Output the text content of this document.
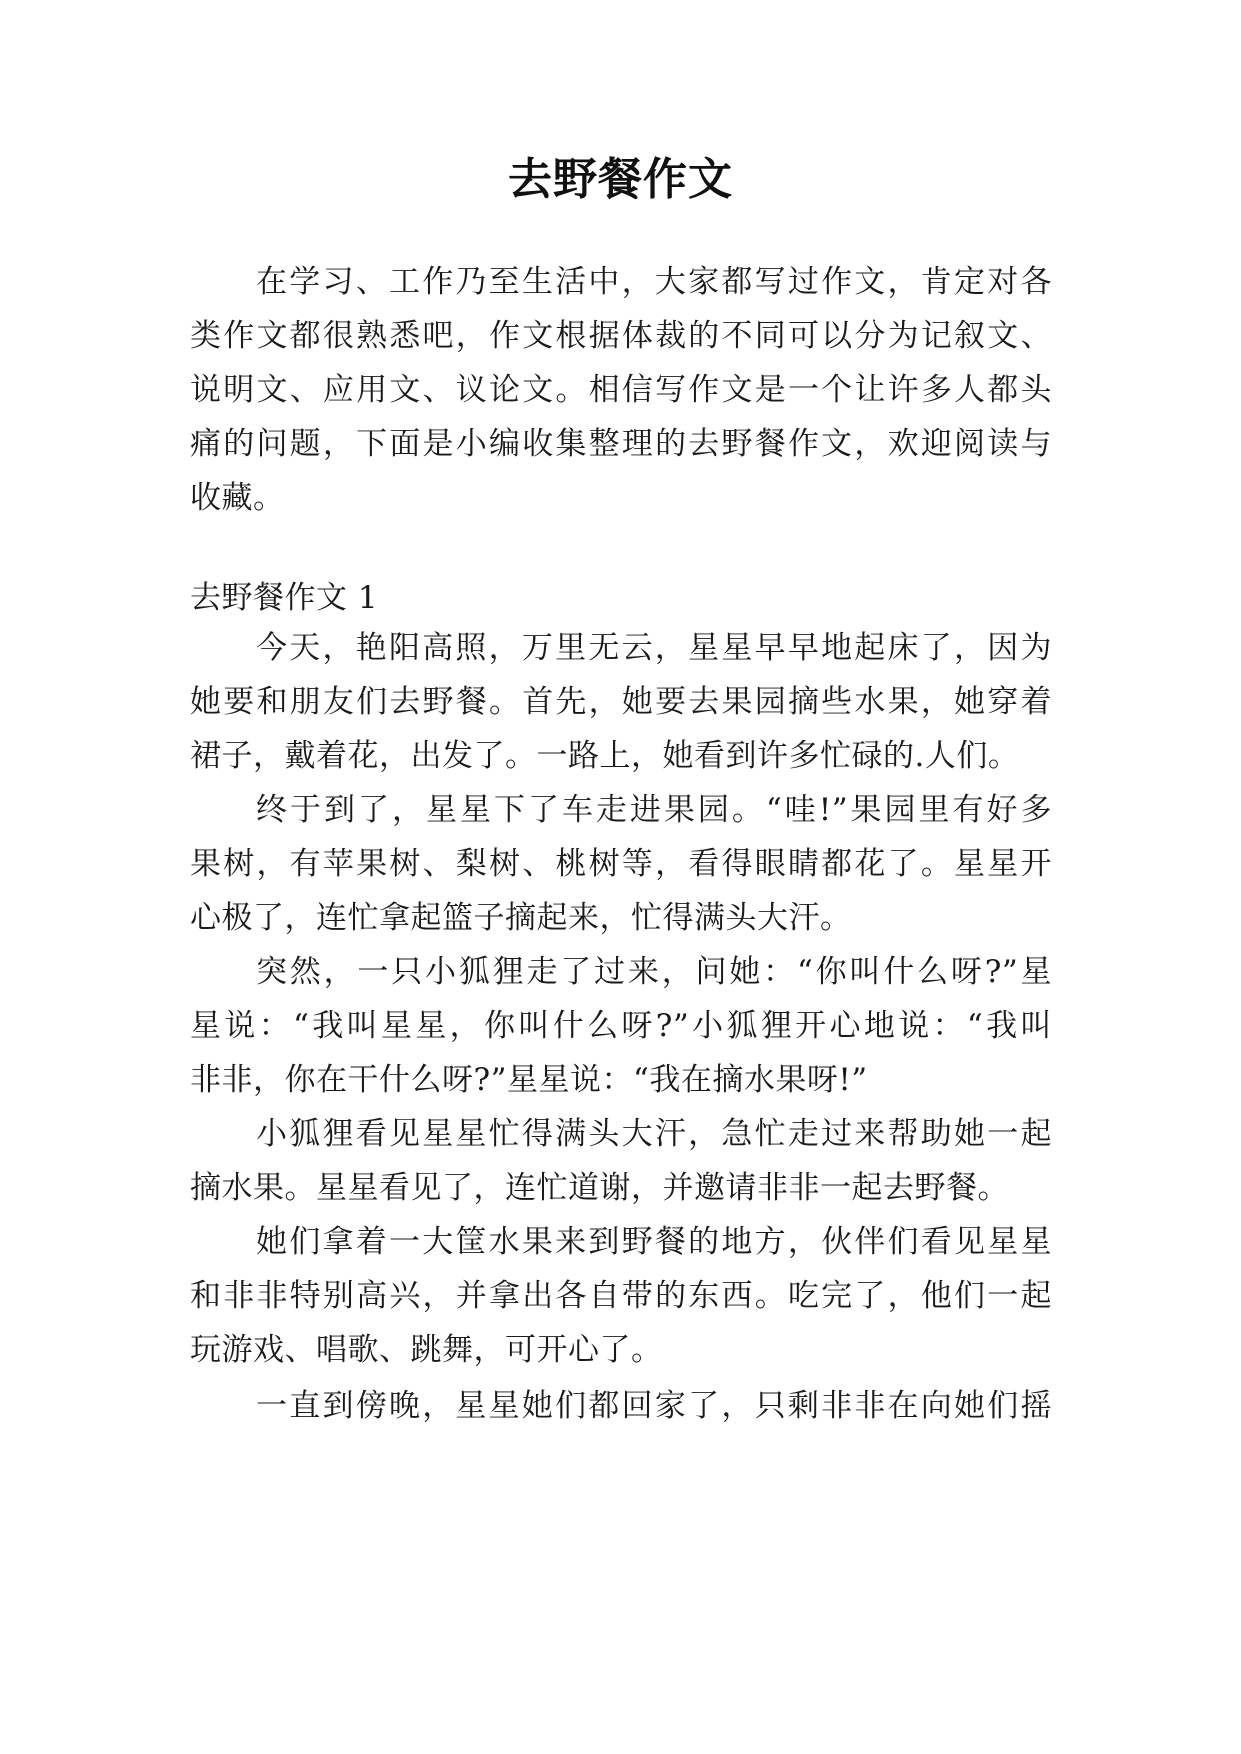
去野餐作文
在学习、工作乃至生活中，大家都写过作文，肯定对各
类作文都很熟悉吧，作文根据体裁的不同可以分为记叙文、
说明文、应用文、议论文。相信写作文是一个让许多人都头
痛的问题，下面是小编收集整理的去野餐作文，欢迎阅读与
收藏。
去野餐作文 1
今天，艳阳高照，万里无云，星星早早地起床了，因为
她要和朋友们去野餐。首先，她要去果园摘些水果，她穿着
裙子，戴着花，出发了。一路上，她看到许多忙碌的.人们。
终于到了，星星下了车走进果园。“哇!”果园里有好多
果树，有苹果树、梨树、桃树等，看得眼睛都花了。星星开
心极了，连忙拿起篮子摘起来，忙得满头大汗。
突然，一只小狐狸走了过来，问她：“你叫什么呀?”星
星说：“我叫星星，你叫什么呀?”小狐狸开心地说：“我叫
非非，你在干什么呀?”星星说：“我在摘水果呀!”
小狐狸看见星星忙得满头大汗，急忙走过来帮助她一起
摘水果。星星看见了，连忙道谢，并邀请非非一起去野餐。
她们拿着一大筐水果来到野餐的地方，伙伴们看见星星
和非非特别高兴，并拿出各自带的东西。吃完了，他们一起
玩游戏、唱歌、跳舞，可开心了。
一直到傍晚，星星她们都回家了，只剩非非在向她们摇
